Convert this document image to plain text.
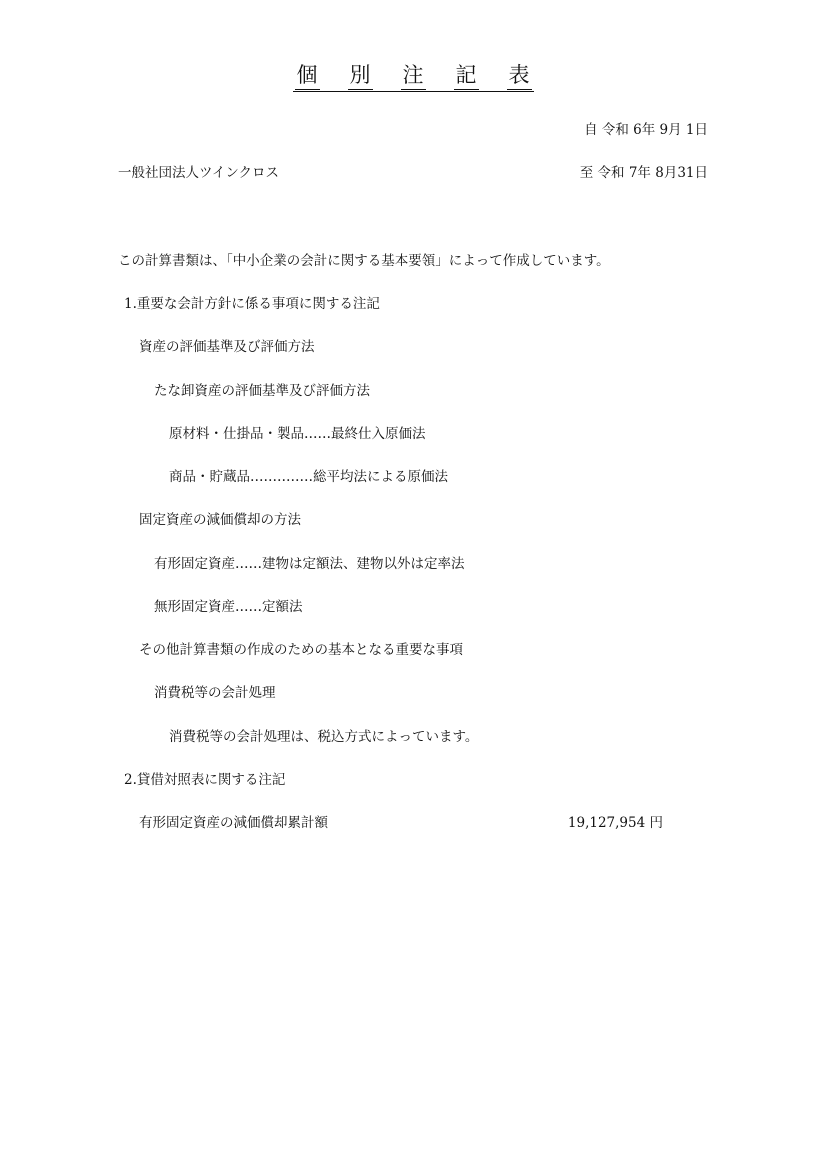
個 別 注 記 表
自 令和 6年 9月 1日
一般社団法人ツインクロス	至 令和 7年 8月31日
この計算書類は、「中小企業の会計に関する基本要領」によって作成しています。
1.重要な会計方針に係る事項に関する注記
資産の評価基準及び評価方法
たな卸資産の評価基準及び評価方法
原材料・仕掛品・製品‥‥‥最終仕入原価法
商品・貯蔵品‥‥‥‥‥‥‥総平均法による原価法
固定資産の減価償却の方法
有形固定資産‥‥‥建物は定額法、建物以外は定率法
無形固定資産‥‥‥定額法
その他計算書類の作成のための基本となる重要な事項
消費税等の会計処理
消費税等の会計処理は、税込方式によっています。
2.貸借対照表に関する注記
有形固定資産の減価償却累計額	19,127,954 円
